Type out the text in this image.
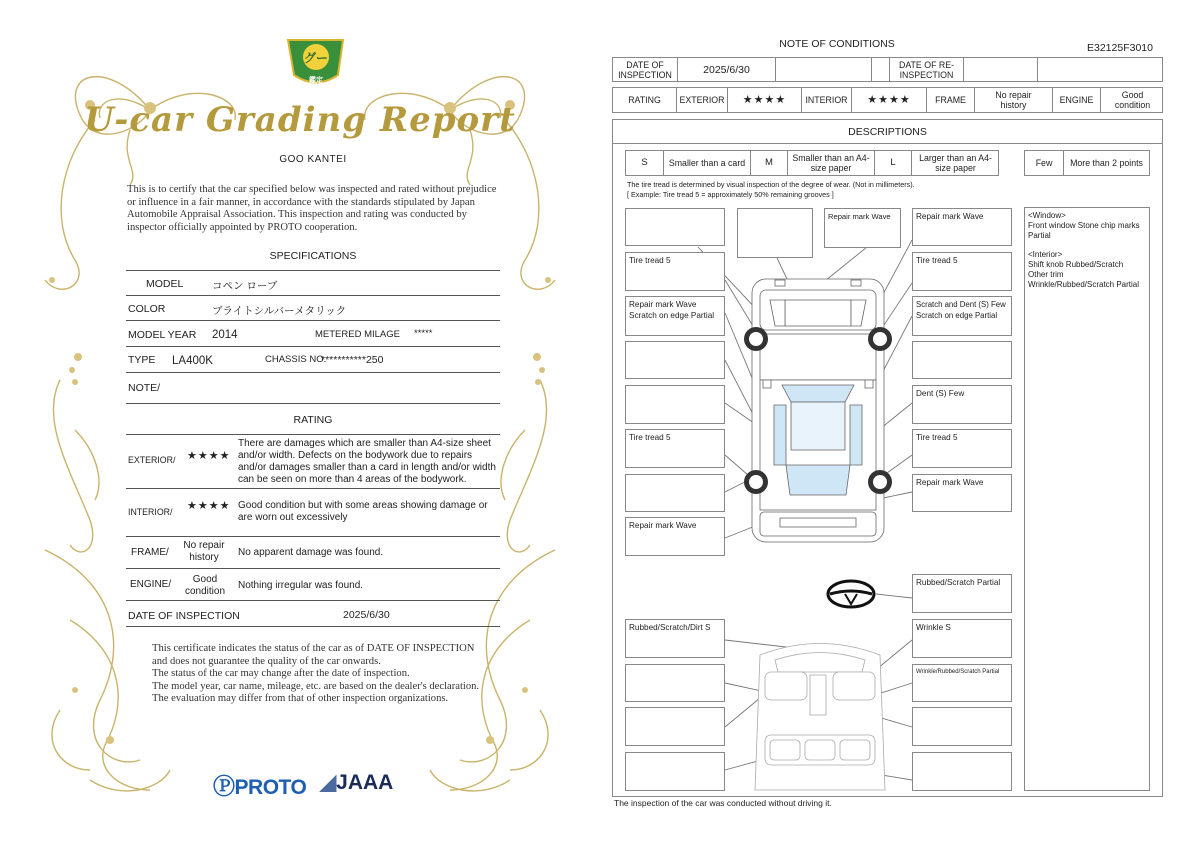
グー
鑑定
U-car Grading Report
GOO KANTEI
This is to certify that the car specified below was inspected and rated without prejudice or influence in a fair manner, in accordance with the standards stipulated by Japan Automobile Appraisal Association. This inspection and rating was conducted by inspector officially appointed by PROTO cooperation.
SPECIFICATIONS
MODEL	コペン ローブ
COLOR	ブライトシルバーメタリック
MODEL YEAR 2014	METERED MILAGE *****
TYPE LA400K	CHASSIS NO.
***********250
NOTE/
RATING
EXTERIOR/ ★★★★
There are damages which are smaller than A4-size sheet and/or width. Defects on the bodywork due to repairs and/or damages smaller than a card in length and/or width can be seen on more than 4 areas of the bodywork.
INTERIOR/ ★★★★ Good condition but with some areas showing damage or are worn out excessively
FRAME/
No repair history	No apparent damage was found.
ENGINE/	Good condition
Nothing irregular was found.
DATE OF INSPECTION	2025/6/30
This certificate indicates the status of the car as of DATE OF INSPECTION and does not guarantee the quality of the car onwards.
The status of the car may change after the date of inspection.
The model year, car name, mileage, etc. are based on the dealer's declaration.
The evaluation may differ from that of other inspection organizations.
ⓅPROTO ◢JAAA
NOTE OF CONDITIONS	E32125F3010
DATE OF INSPECTION	2025/6/30	DATE OF RE-INSPECTION
RATING	EXTERIOR	★★★★	INTERIOR	★★★★	FRAME	No repair history	ENGINE	Good condition
DESCRIPTIONS
S	Smaller than a card	M	Smaller than an A4-size paper	L	Larger than an A4-size paper	Few	More than 2 points
The tire tread is determined by visual inspection of the degree of wear. (Not in millimeters).
[ Example: Tire tread 5 = approximately 50% remaining grooves ]
Tire tread 5
Repair mark Wave
Scratch on edge Partial
Tire tread 5
Repair mark Wave
Rubbed/Scratch/Dirt S
Repair mark Wave	Repair mark Wave
Tire tread 5
Scratch and Dent (S) Few
Scratch on edge Partial
Dent (S) Few
Tire tread 5
Repair mark Wave
Rubbed/Scratch Partial
Wrinkle S
Wrinkle/Rubbed/Scratch Partial
<Window>
Front window Stone chip marks Partial
<Interior>
Shift knob Rubbed/Scratch
Other trim
Wrinkle/Rubbed/Scratch Partial
The inspection of the car was conducted without driving it.
